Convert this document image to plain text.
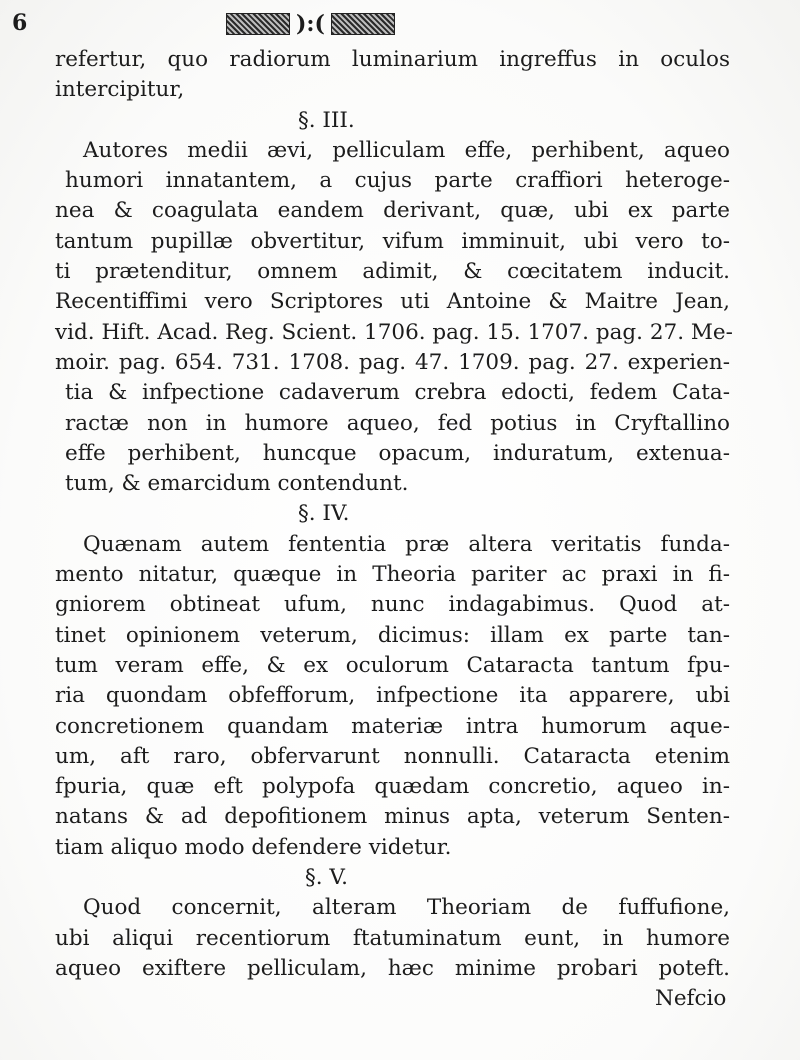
6	):(
refertur, quo radiorum luminarium ingreffus in oculos
intercipitur,
§. III.
Autores medii ævi, pelliculam effe, perhibent, aqueo
humori innatantem, a cujus parte craffiori heteroge-
nea & coagulata eandem derivant, quæ, ubi ex parte
tantum pupillæ obvertitur, vifum imminuit, ubi vero to-
ti prætenditur, omnem adimit, & cœcitatem inducit.
Recentiffimi vero Scriptores uti Antoine & Maitre Jean,
vid. Hift. Acad. Reg. Scient. 1706. pag. 15. 1707. pag. 27. Me-
moir. pag. 654. 731. 1708. pag. 47. 1709. pag. 27. experien-
tia & infpectione cadaverum crebra edocti, fedem Cata-
ractæ non in humore aqueo, fed potius in Cryftallino
effe perhibent, huncque opacum, induratum, extenua-
tum, & emarcidum contendunt.
§. IV.
Quænam autem fententia præ altera veritatis funda-
mento nitatur, quæque in Theoria pariter ac praxi in fi-
gniorem obtineat ufum, nunc indagabimus. Quod at-
tinet opinionem veterum, dicimus: illam ex parte tan-
tum veram effe, & ex oculorum Cataracta tantum fpu-
ria quondam obfefforum, infpectione ita apparere, ubi
concretionem quandam materiæ intra humorum aque-
um, aft raro, obfervarunt nonnulli. Cataracta etenim
fpuria, quæ eft polypofa quædam concretio, aqueo in-
natans & ad depofitionem minus apta, veterum Senten-
tiam aliquo modo defendere videtur.
§. V.
Quod concernit, alteram Theoriam de fuffufione,
ubi aliqui recentiorum ftatuminatum eunt, in humore
aqueo exiftere pelliculam, hæc minime probari poteft.
Nefcio
